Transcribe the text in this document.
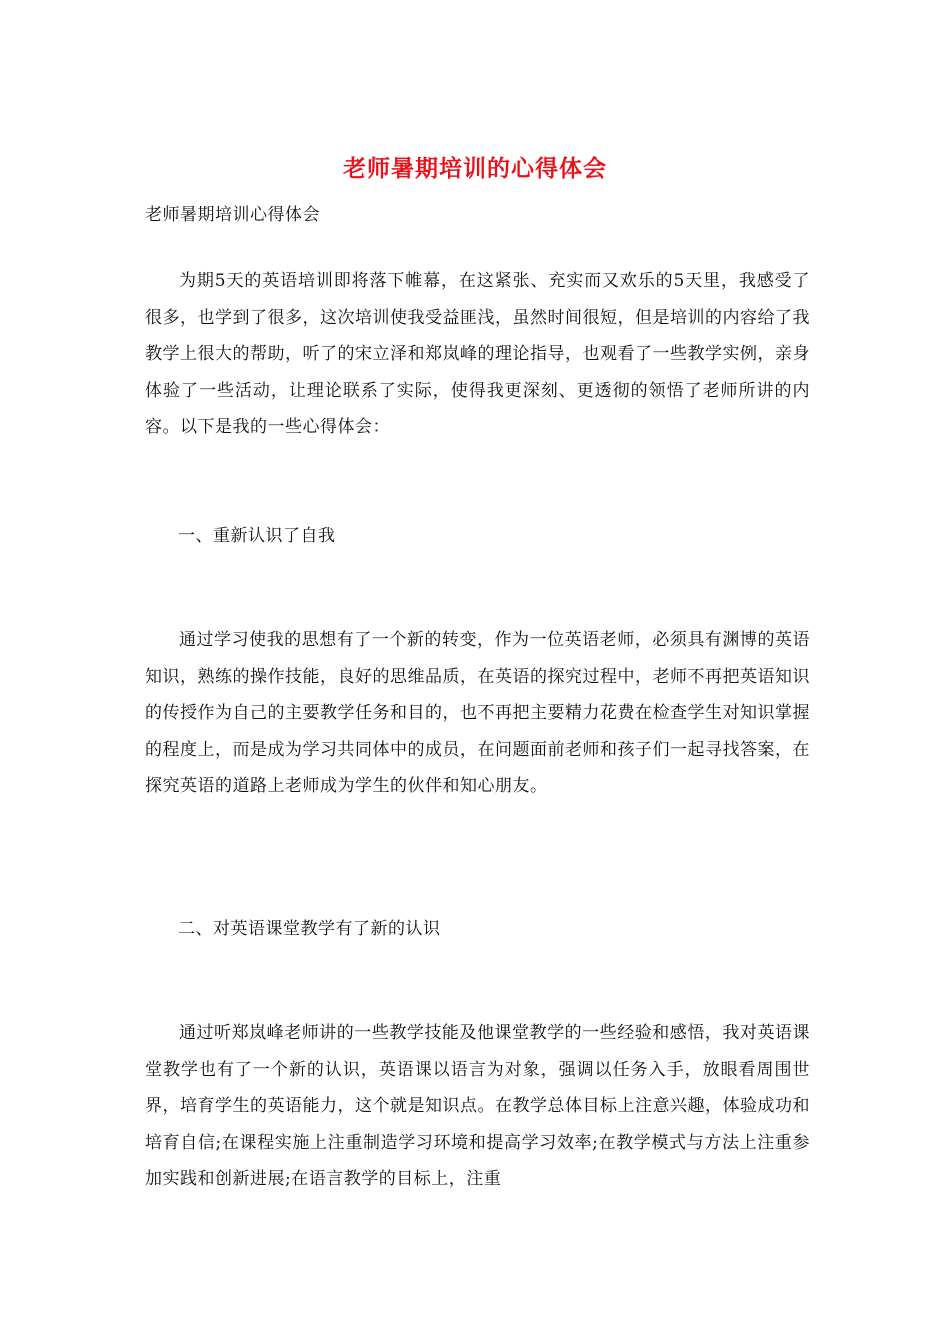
老师暑期培训的心得体会
老师暑期培训心得体会
为期5天的英语培训即将落下帷幕，在这紧张、充实而又欢乐的5天里，我感受了很多，也学到了很多，这次培训使我受益匪浅，虽然时间很短，但是培训的内容给了我教学上很大的帮助，听了的宋立泽和郑岚峰的理论指导，也观看了一些教学实例，亲身体验了一些活动，让理论联系了实际，使得我更深刻、更透彻的领悟了老师所讲的内容。以下是我的一些心得体会：
一、重新认识了自我
通过学习使我的思想有了一个新的转变，作为一位英语老师，必须具有渊博的英语知识，熟练的操作技能，良好的思维品质，在英语的探究过程中，老师不再把英语知识的传授作为自己的主要教学任务和目的，也不再把主要精力花费在检查学生对知识掌握的程度上，而是成为学习共同体中的成员，在问题面前老师和孩子们一起寻找答案，在探究英语的道路上老师成为学生的伙伴和知心朋友。
二、对英语课堂教学有了新的认识
通过听郑岚峰老师讲的一些教学技能及他课堂教学的一些经验和感悟，我对英语课堂教学也有了一个新的认识，英语课以语言为对象，强调以任务入手，放眼看周围世界，培育学生的英语能力，这个就是知识点。在教学总体目标上注意兴趣，体验成功和培育自信;在课程实施上注重制造学习环境和提高学习效率;在教学模式与方法上注重参加实践和创新进展;在语言教学的目标上，注重
